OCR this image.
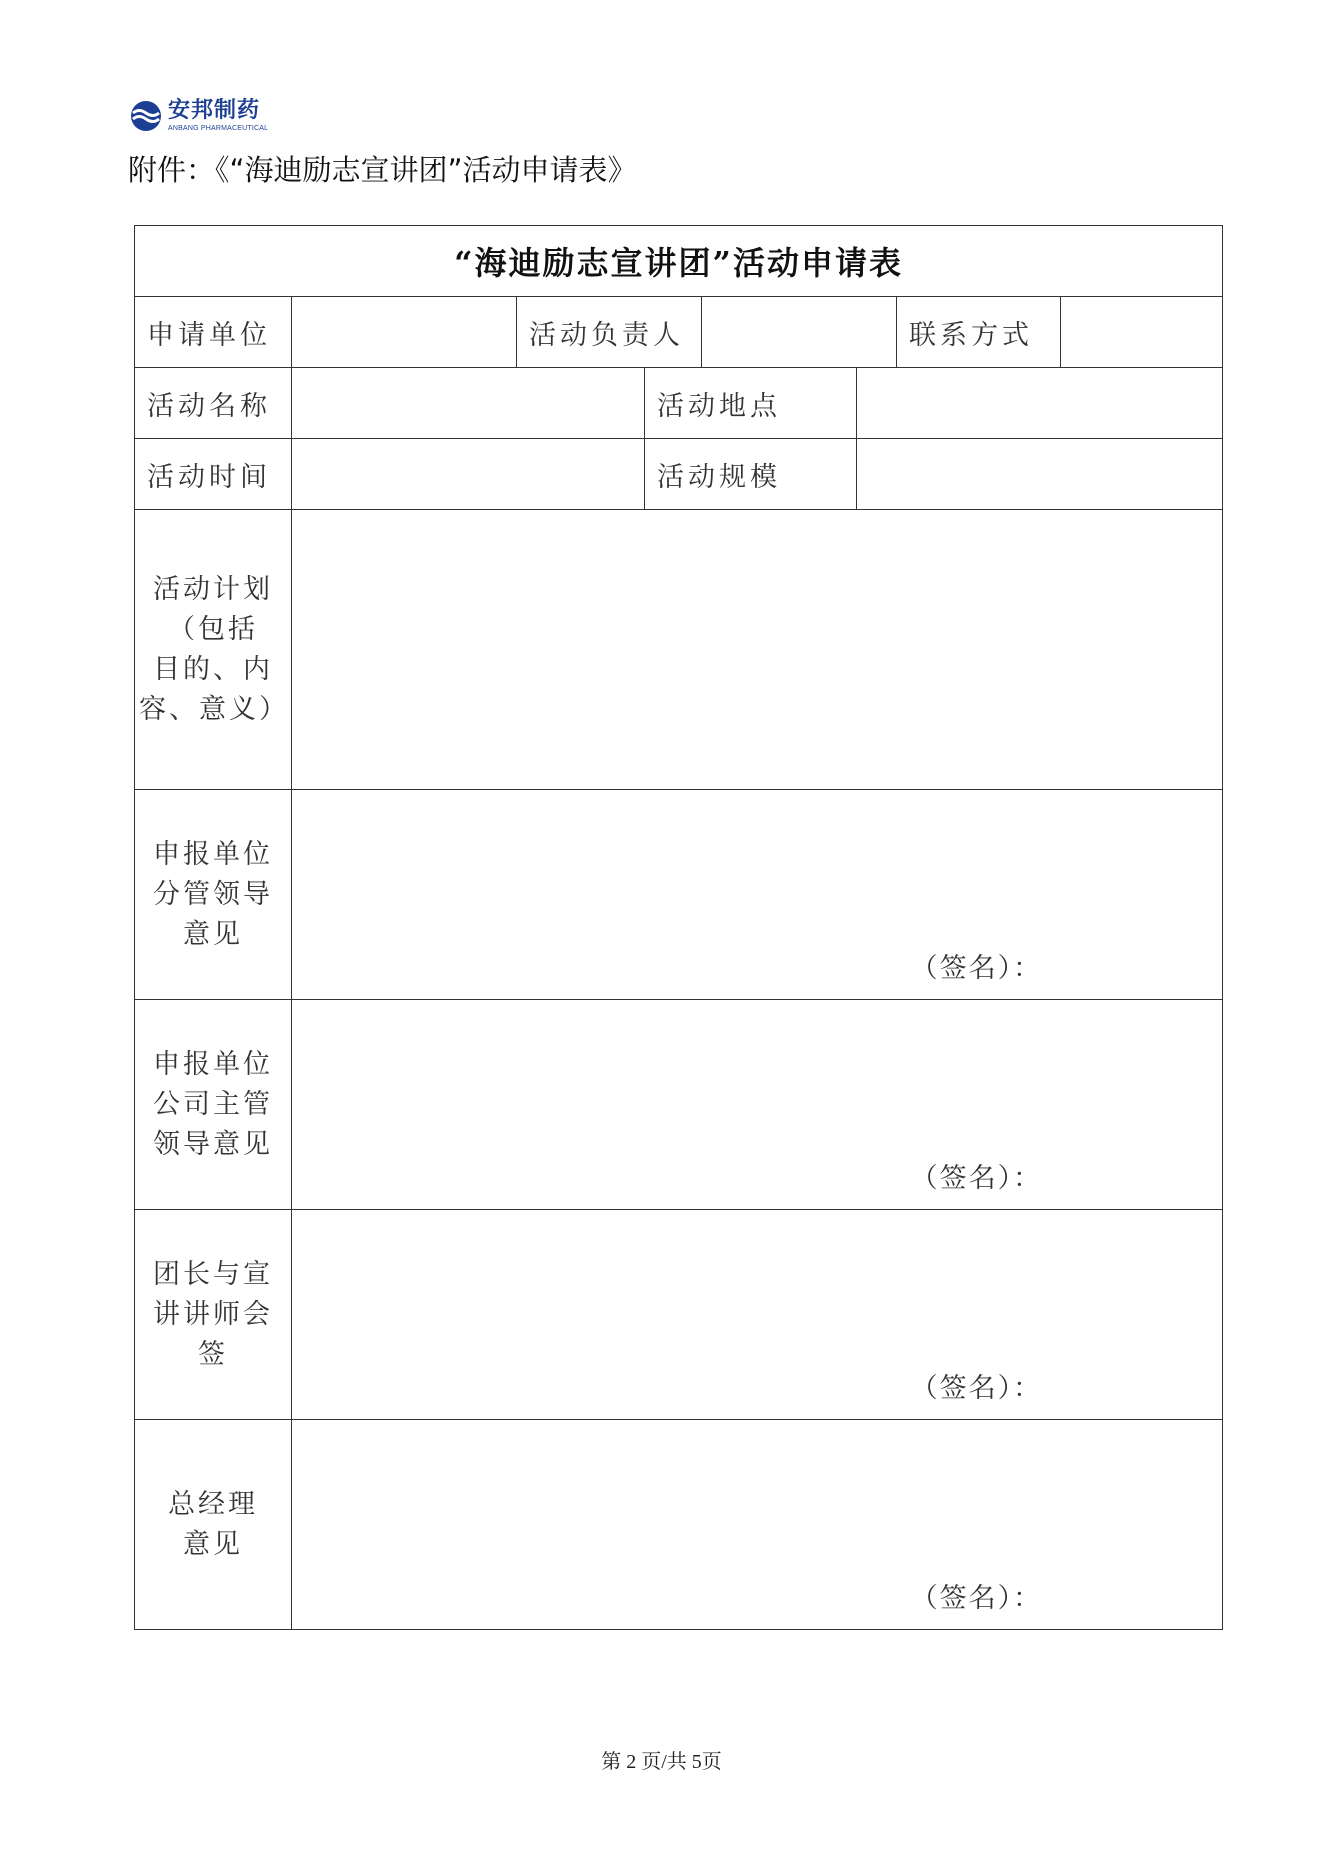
安邦制药
ANBANG PHARMACEUTICAL
附件：《“海迪励志宣讲团”活动申请表》
“海迪励志宣讲团”活动申请表							
申请单位		活动负责人				联系方式	
活动名称			活动地点				
活动时间			活动规模				

活动计划
（包括
目的、内
容、意义）							

申报单位
分管领导
意见	（签名）：						

申报单位
公司主管
领导意见	（签名）：						

团长与宣
讲讲师会
签	（签名）：						

总经理
意见	（签名）：						
第 2 页/共 5页
